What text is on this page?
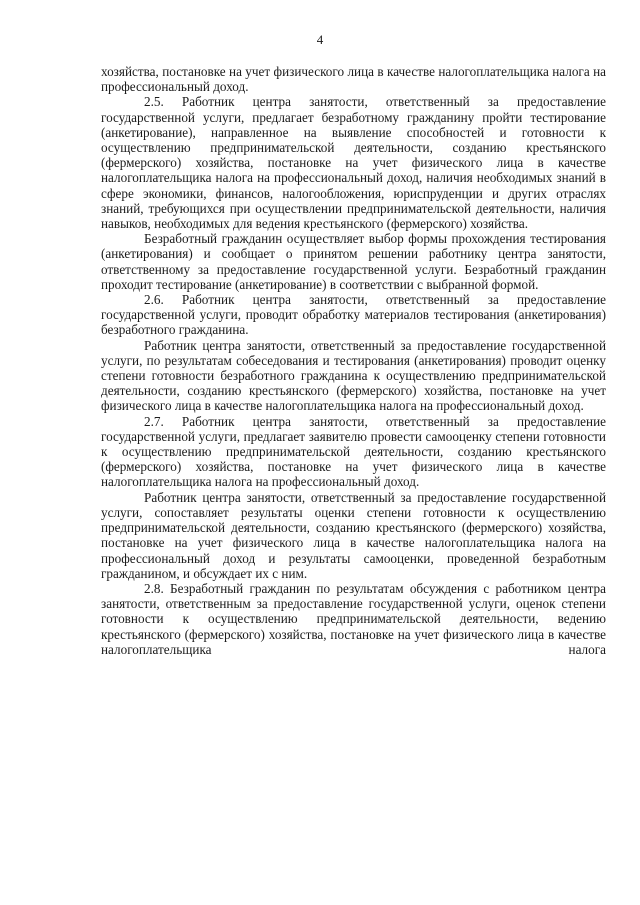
4

хозяйства, постановке на учет физического лица в качестве налогоплательщика налога на профессиональный доход.

2.5. Работник центра занятости, ответственный за предоставление государственной услуги, предлагает безработному гражданину пройти тестирование (анкетирование), направленное на выявление способностей и готовности к осуществлению предпринимательской деятельности, созданию крестьянского (фермерского) хозяйства, постановке на учет физического лица в качестве налогоплательщика налога на профессиональный доход, наличия необходимых знаний в сфере экономики, финансов, налогообложения, юриспруденции и других отраслях знаний, требующихся при осуществлении предпринимательской деятельности, наличия навыков, необходимых для ведения крестьянского (фермерского) хозяйства.

Безработный гражданин осуществляет выбор формы прохождения тестирования (анкетирования) и сообщает о принятом решении работнику центра занятости, ответственному за предоставление государственной услуги. Безработный гражданин проходит тестирование (анкетирование) в соответствии с выбранной формой.

2.6. Работник центра занятости, ответственный за предоставление государственной услуги, проводит обработку материалов тестирования (анкетирования) безработного гражданина.

Работник центра занятости, ответственный за предоставление государственной услуги, по результатам собеседования и тестирования (анкетирования) проводит оценку степени готовности безработного гражданина к осуществлению предпринимательской деятельности, созданию крестьянского (фермерского) хозяйства, постановке на учет физического лица в качестве налогоплательщика налога на профессиональный доход.

2.7. Работник центра занятости, ответственный за предоставление государственной услуги, предлагает заявителю провести самооценку степени готовности к осуществлению предпринимательской деятельности, созданию крестьянского (фермерского) хозяйства, постановке на учет физического лица в качестве налогоплательщика налога на профессиональный доход.

Работник центра занятости, ответственный за предоставление государственной услуги, сопоставляет результаты оценки степени готовности к осуществлению предпринимательской деятельности, созданию крестьянского (фермерского) хозяйства, постановке на учет физического лица в качестве налогоплательщика налога на профессиональный доход и результаты самооценки, проведенной безработным гражданином, и обсуждает их с ним.

2.8. Безработный гражданин по результатам обсуждения с работником центра занятости, ответственным за предоставление государственной услуги, оценок степени готовности к осуществлению предпринимательской деятельности, ведению крестьянского (фермерского) хозяйства, постановке на учет физического лица в качестве налогоплательщика налога
